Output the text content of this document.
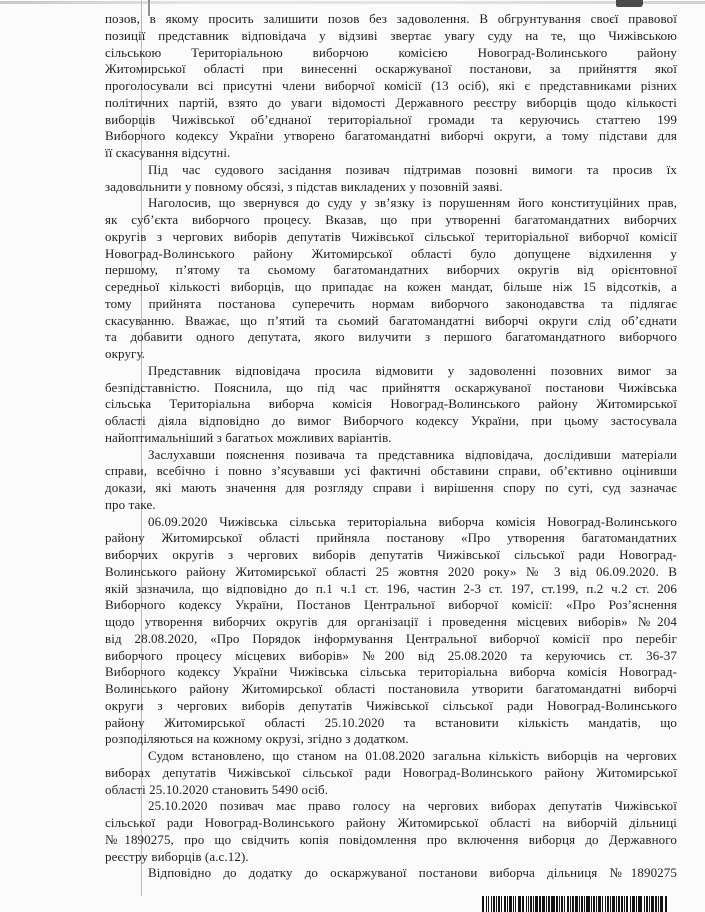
позов, в якому просить залишити позов без задоволення. В обгрунтування своєї правової
позиції представник відповідача у відзиві звертає увагу суду на те, що Чижівською
сільською Територіальною виборчою комісією Новоград-Волинського району
Житомирської області при винесенні оскаржуваної постанови, за прийняття якої
проголосували всі присутні члени виборчої комісії (13 осіб), які є представниками різних
політичних партій, взято до уваги відомості Державного реєстру виборців щодо кількості
виборців Чижівської об’єднаної територіальної громади та керуючись статтею 199
Виборчого кодексу України утворено багатомандатні виборчі округи, а тому підстави для
її скасування відсутні.
Під час судового засідання позивач підтримав позовні вимоги та просив їх
задовольнити у повному обсязі, з підстав викладених у позовній заяві.
Наголосив, що звернувся до суду у зв’язку із порушенням його конституційних прав,
як суб’єкта виборчого процесу. Вказав, що при утворенні багатомандатних виборчих
округів з чергових виборів депутатів Чижівської сільської територіальної виборчої комісії
Новоград-Волинського району Житомирської області було допущене відхилення у
першому, п’ятому та сьомому багатомандатних виборчих округів від орієнтовної
середньої кількості виборців, що припадає на кожен мандат, більше ніж 15 відсотків, а
тому прийнята постанова суперечить нормам виборчого законодавства та підлягає
скасуванню. Вважає, що п’ятий та сьомий багатомандатні виборчі округи слід об’єднати
та добавити одного депутата, якого вилучити з першого багатомандатного виборчого
округу.
Представник відповідача просила відмовити у задоволенні позовних вимог за
безпідставністю. Пояснила, що під час прийняття оскаржуваної постанови Чижівська
сільська Територіальна виборча комісія Новоград-Волинського району Житомирської
області діяла відповідно до вимог Виборчого кодексу України, при цьому застосувала
найоптимальніший з багатьох можливих варіантів.
Заслухавши пояснення позивача та представника відповідача, дослідивши матеріали
справи, всебічно і повно з’ясувавши усі фактичні обставини справи, об’єктивно оцінивши
докази, які мають значення для розгляду справи і вирішення спору по суті, суд зазначає
про таке.
06.09.2020 Чижівська сільська територіальна виборча комісія Новоград-Волинського
району Житомирської області прийняла постанову «Про утворення багатомандатних
виборчих округів з чергових виборів депутатів Чижівської сільської ради Новоград-
Волинського району Житомирської області 25 жовтня 2020 року» № 3 від 06.09.2020. В
якій зазначила, що відповідно до п.1 ч.1 ст. 196, частин 2-3 ст. 197, ст.199, п.2 ч.2 ст. 206
Виборчого кодексу України, Постанов Центральної виборчої комісії: «Про Роз’яснення
щодо утворення виборчих округів для організації і проведення місцевих виборів» №204
від 28.08.2020, «Про Порядок інформування Центральної виборчої комісії про перебіг
виборчого процесу місцевих виборів» №200 від 25.08.2020 та керуючись ст. 36-37
Виборчого кодексу України Чижівська сільська територіальна виборча комісія Новоград-
Волинського району Житомирської області постановила утворити багатомандатні виборчі
округи з чергових виборів депутатів Чижівської сільської ради Новоград-Волинського
району Житомирської області 25.10.2020 та встановити кількість мандатів, що
розподіляються на кожному окрузі, згідно з додатком.
Судом встановлено, що станом на 01.08.2020 загальна кількість виборців на чергових
виборах депутатів Чижівської сільської ради Новоград-Волинського району Житомирської
області 25.10.2020 становить 5490 осіб.
25.10.2020 позивач має право голосу на чергових виборах депутатів Чижівської
сільської ради Новоград-Волинського району Житомирської області на виборчій дільниці
№1890275, про що свідчить копія повідомлення про включення виборця до Державного
реєстру виборців (а.с.12).
Відповідно до додатку до оскаржуваної постанови виборча дільниця №1890275
